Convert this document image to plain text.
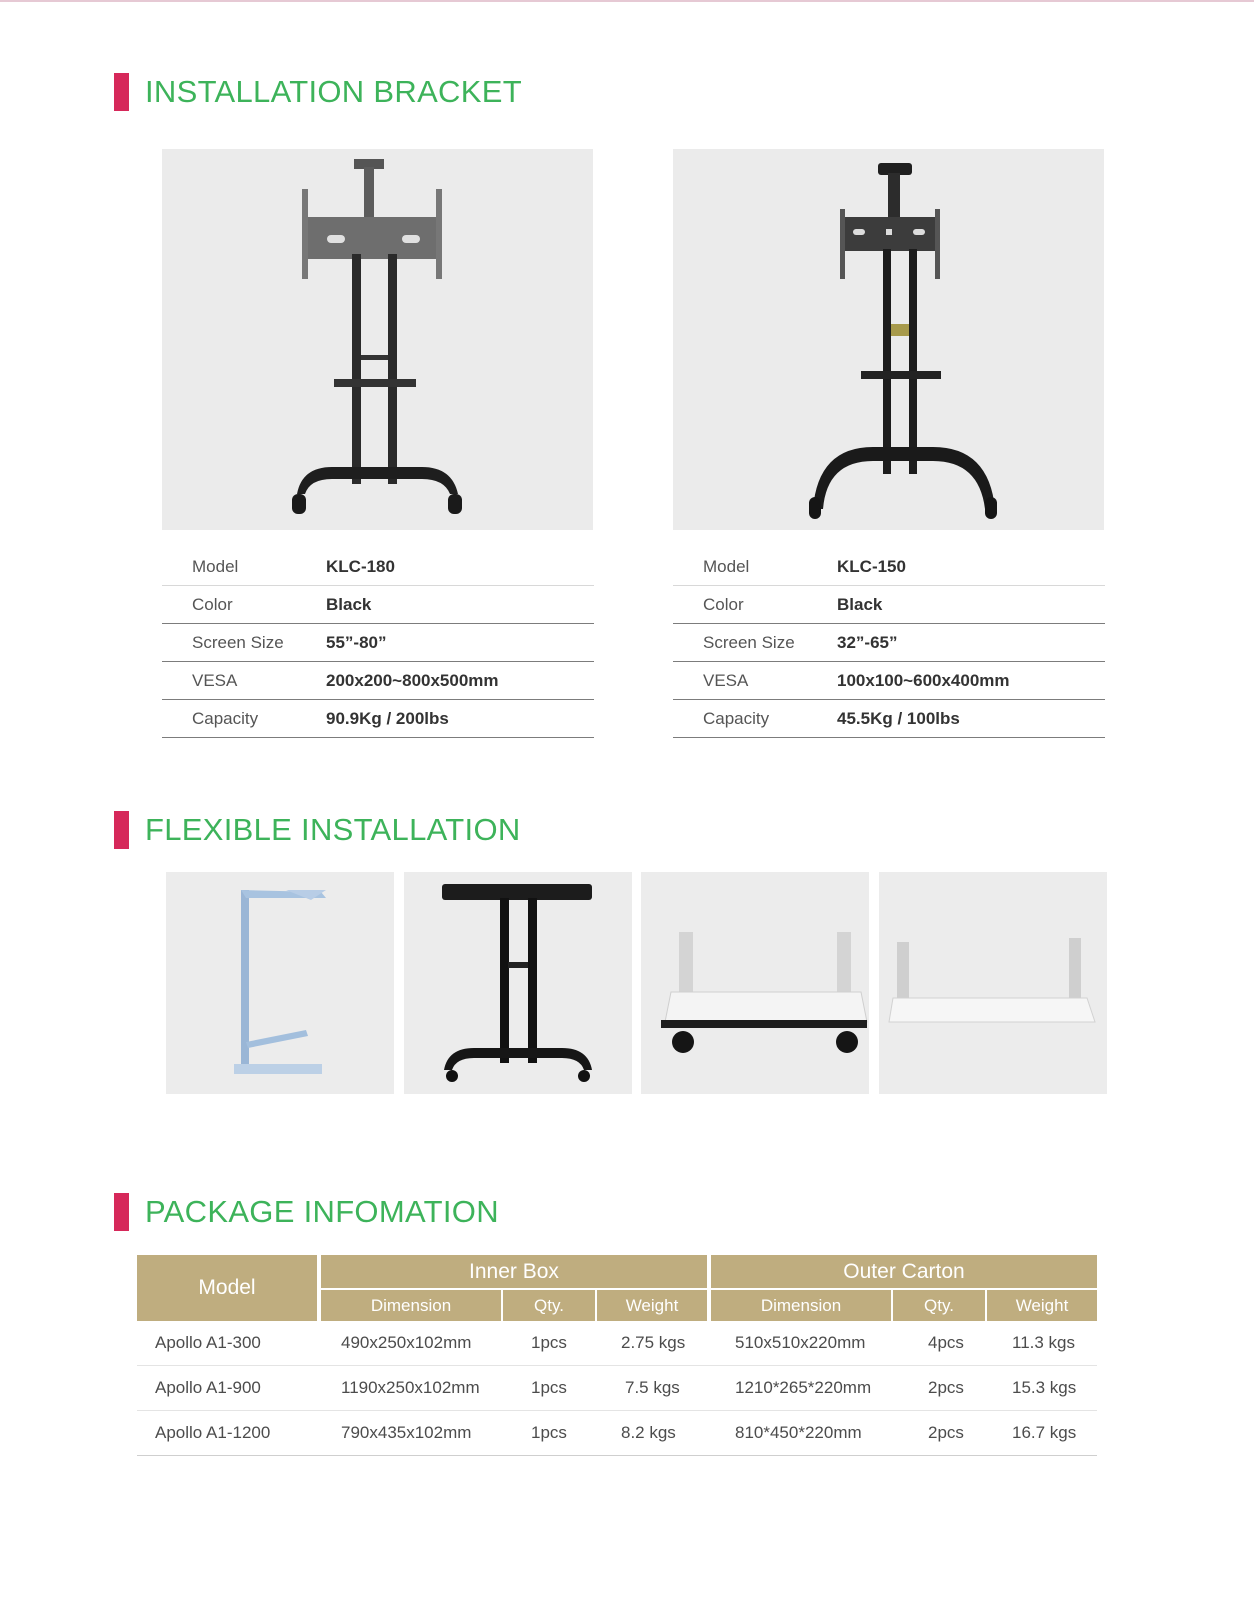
INSTALLATION BRACKET
Model	KLC-180
Color	Black
Screen Size	55”-80”
VESA	200x200~800x500mm
Capacity	90.9Kg / 200lbs
Model	KLC-150
Color	Black
Screen Size	32”-65”
VESA	100x100~600x400mm
Capacity	45.5Kg / 100lbs
FLEXIBLE INSTALLATION
PACKAGE INFOMATION
Model
Inner Box	Outer Carton
Dimension	Qty.	Weight	Dimension	Qty.	Weight
Apollo A1-300	490x250x102mm	1pcs	2.75 kgs	510x510x220mm	4pcs	11.3 kgs
Apollo A1-900	1190x250x102mm	1pcs	7.5 kgs	1210*265*220mm	2pcs	15.3 kgs
Apollo A1-1200	790x435x102mm	1pcs	8.2 kgs	810*450*220mm	2pcs	16.7 kgs
